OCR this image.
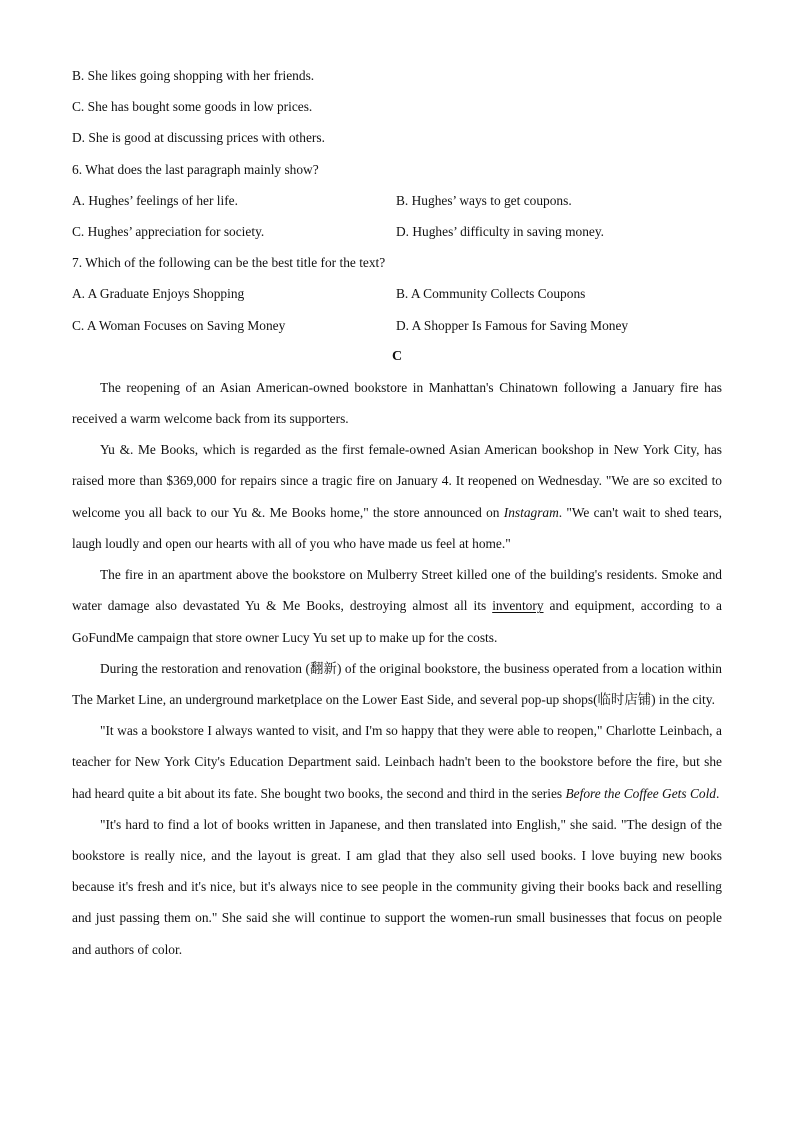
B. She likes going shopping with her friends.
C. She has bought some goods in low prices.
D. She is good at discussing prices with others.
6. What does the last paragraph mainly show?
A. Hughes’ feelings of her life.	B. Hughes’ ways to get coupons.
C. Hughes’ appreciation for society.	D. Hughes’ difficulty in saving money.
7. Which of the following can be the best title for the text?
A. A Graduate Enjoys Shopping	B. A Community Collects Coupons
C. A Woman Focuses on Saving Money	D. A Shopper Is Famous for Saving Money
C

The reopening of an Asian American-owned bookstore in Manhattan's Chinatown following a January fire has received a warm welcome back from its supporters.

Yu &. Me Books, which is regarded as the first female-owned Asian American bookshop in New York City, has raised more than $369,000 for repairs since a tragic fire on January 4. It reopened on Wednesday. "We are so excited to welcome you all back to our Yu &. Me Books home," the store announced on Instagram. "We can't wait to shed tears, laugh loudly and open our hearts with all of you who have made us feel at home."

The fire in an apartment above the bookstore on Mulberry Street killed one of the building's residents. Smoke and water damage also devastated Yu & Me Books, destroying almost all its inventory and equipment, according to a GoFundMe campaign that store owner Lucy Yu set up to make up for the costs.

During the restoration and renovation (翻新) of the original bookstore, the business operated from a location within The Market Line, an underground marketplace on the Lower East Side, and several pop-up shops(临时店铺) in the city.

"It was a bookstore I always wanted to visit, and I'm so happy that they were able to reopen," Charlotte Leinbach, a teacher for New York City's Education Department said. Leinbach hadn't been to the bookstore before the fire, but she had heard quite a bit about its fate. She bought two books, the second and third in the series Before the Coffee Gets Cold.

"It's hard to find a lot of books written in Japanese, and then translated into English," she said. "The design of the bookstore is really nice, and the layout is great. I am glad that they also sell used books. I love buying new books because it's fresh and it's nice, but it's always nice to see people in the community giving their books back and reselling and just passing them on." She said she will continue to support the women-run small businesses that focus on people and authors of color.
